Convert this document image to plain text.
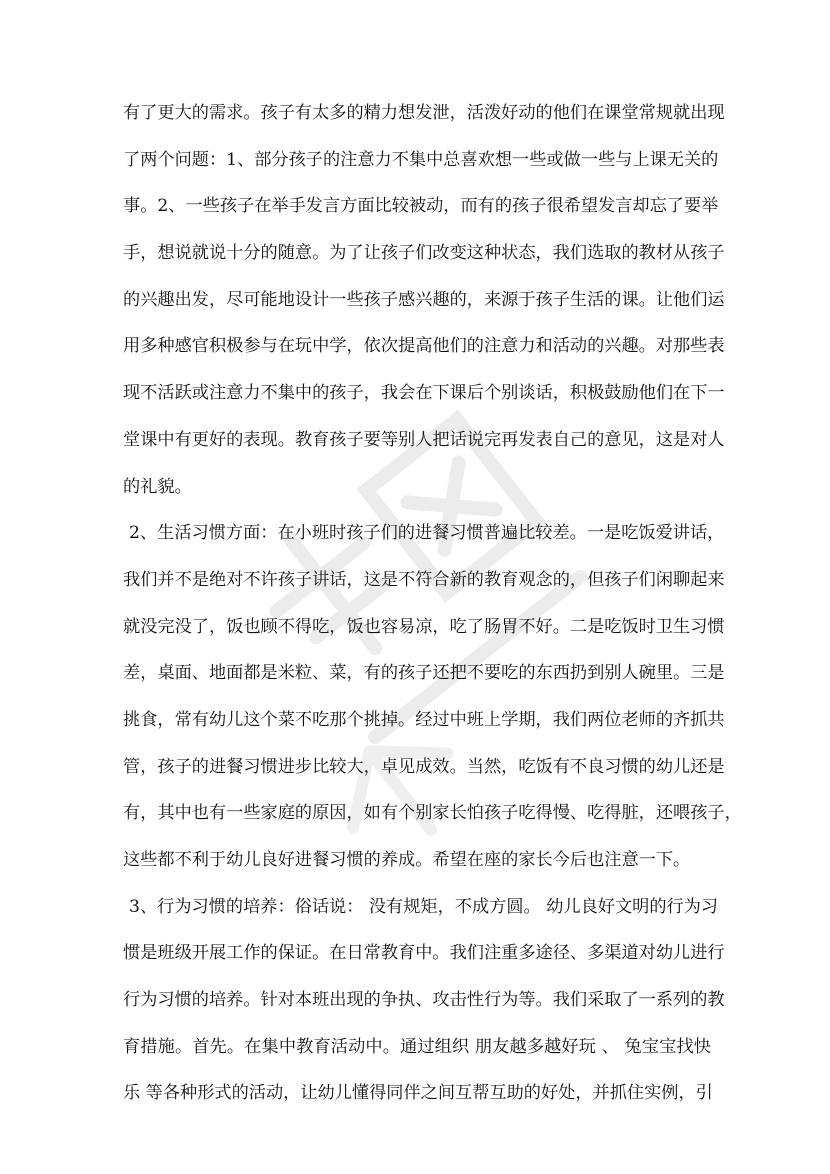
有了更大的需求。孩子有太多的精力想发泄，活泼好动的他们在课堂常规就出现
了两个问题：1、部分孩子的注意力不集中总喜欢想一些或做一些与上课无关的
事。2、一些孩子在举手发言方面比较被动，而有的孩子很希望发言却忘了要举
手，想说就说十分的随意。为了让孩子们改变这种状态，我们选取的教材从孩子
的兴趣出发，尽可能地设计一些孩子感兴趣的，来源于孩子生活的课。让他们运
用多种感官积极参与在玩中学，依次提高他们的注意力和活动的兴趣。对那些表
现不活跃或注意力不集中的孩子，我会在下课后个别谈话，积极鼓励他们在下一
堂课中有更好的表现。教育孩子要等别人把话说完再发表自己的意见，这是对人
的礼貌。
2、生活习惯方面：在小班时孩子们的进餐习惯普遍比较差。一是吃饭爱讲话，
我们并不是绝对不许孩子讲话，这是不符合新的教育观念的，但孩子们闲聊起来
就没完没了，饭也顾不得吃，饭也容易凉，吃了肠胃不好。二是吃饭时卫生习惯
差，桌面、地面都是米粒、菜，有的孩子还把不要吃的东西扔到别人碗里。三是
挑食，常有幼儿这个菜不吃那个挑掉。经过中班上学期，我们两位老师的齐抓共
管，孩子的进餐习惯进步比较大，卓见成效。当然，吃饭有不良习惯的幼儿还是
有，其中也有一些家庭的原因，如有个别家长怕孩子吃得慢、吃得脏，还喂孩子，
这些都不利于幼儿良好进餐习惯的养成。希望在座的家长今后也注意一下。
3、行为习惯的培养：俗话说： 没有规矩，不成方圆。 幼儿良好文明的行为习
惯是班级开展工作的保证。在日常教育中。我们注重多途径、多渠道对幼儿进行
行为习惯的培养。针对本班出现的争执、攻击性行为等。我们采取了一系列的教
育措施。首先。在集中教育活动中。通过组织 朋友越多越好玩 、 兔宝宝找快
乐 等各种形式的活动，让幼儿懂得同伴之间互帮互助的好处，并抓住实例，引
